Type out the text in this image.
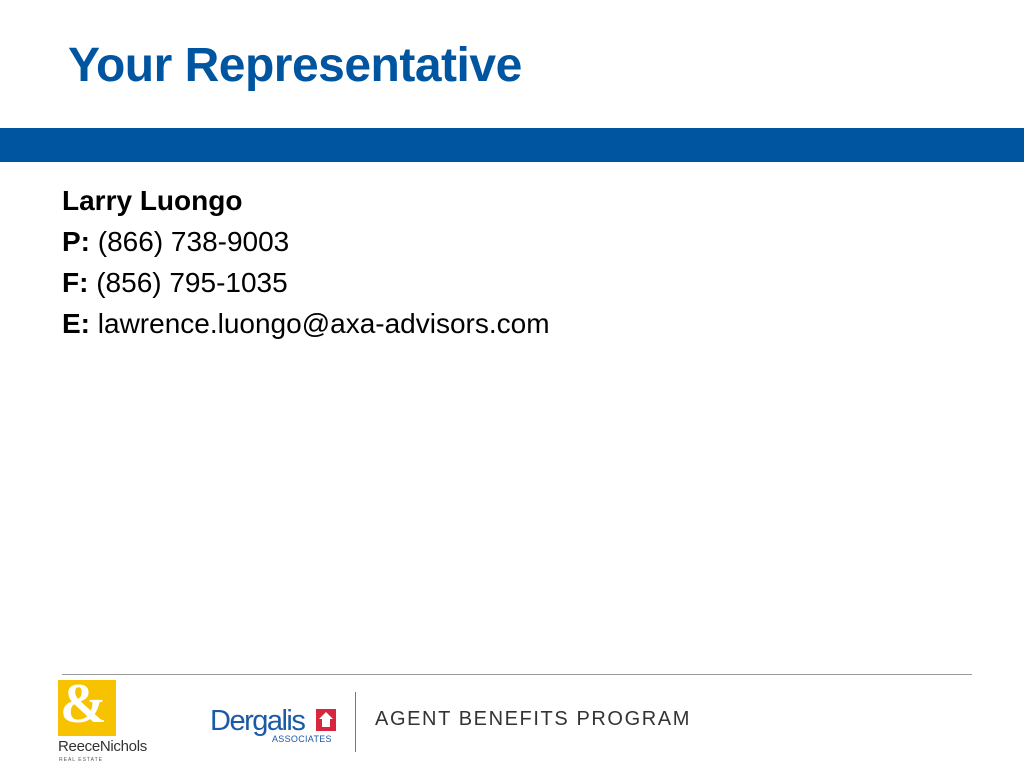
Your Representative
Larry Luongo
P: (866) 738-9003
F: (856) 795-1035
E: lawrence.luongo@axa-advisors.com
&
ReeceNichols
REAL ESTATE
Dergalis
ASSOCIATES
AGENT BENEFITS PROGRAM
